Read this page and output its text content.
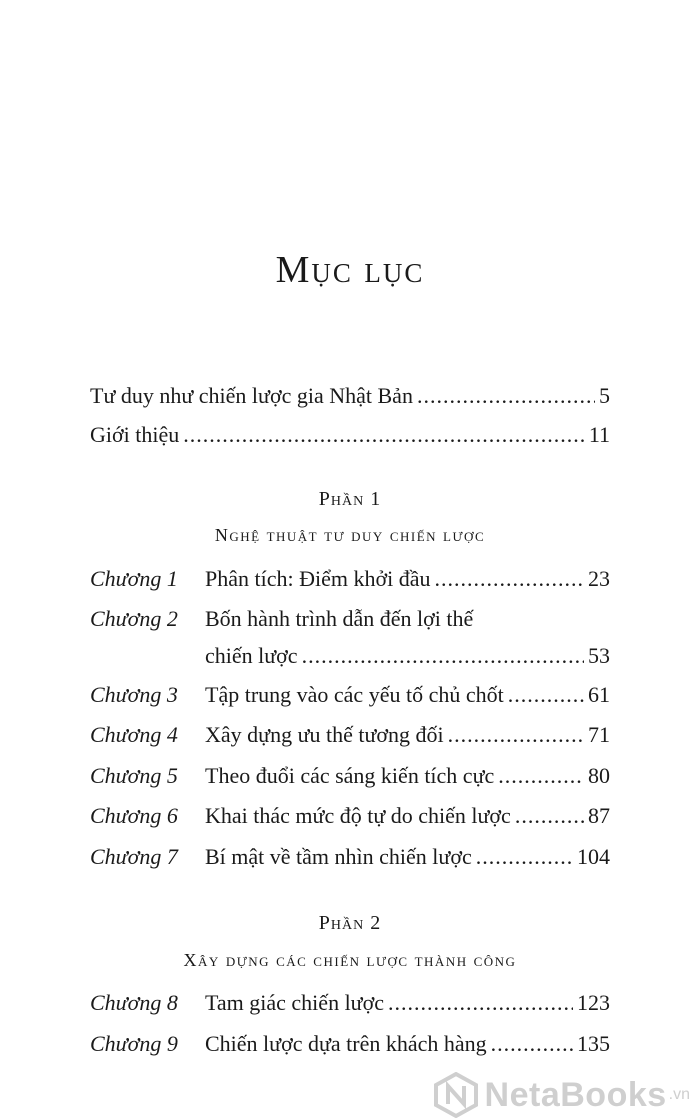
Mục lục
Tư duy như chiến lược gia Nhật Bản .....	5
Giới thiệu .....	11
Phần 1
Nghệ thuật tư duy chiến lược
Chương 1 Phân tích: Điểm khởi đầu .....	23
Chương 2 Bốn hành trình dẫn đến lợi thế
chiến lược .....	53
Chương 3 Tập trung vào các yếu tố chủ chốt .....	61
Chương 4 Xây dựng ưu thế tương đối .....	71
Chương 5 Theo đuổi các sáng kiến tích cực .....	80
Chương 6 Khai thác mức độ tự do chiến lược .....	87
Chương 7 Bí mật về tầm nhìn chiến lược .....	104
Phần 2
Xây dựng các chiến lược thành công
Chương 8 Tam giác chiến lược .....	123
Chương 9 Chiến lược dựa trên khách hàng .....	135
NetaBooks .vn
